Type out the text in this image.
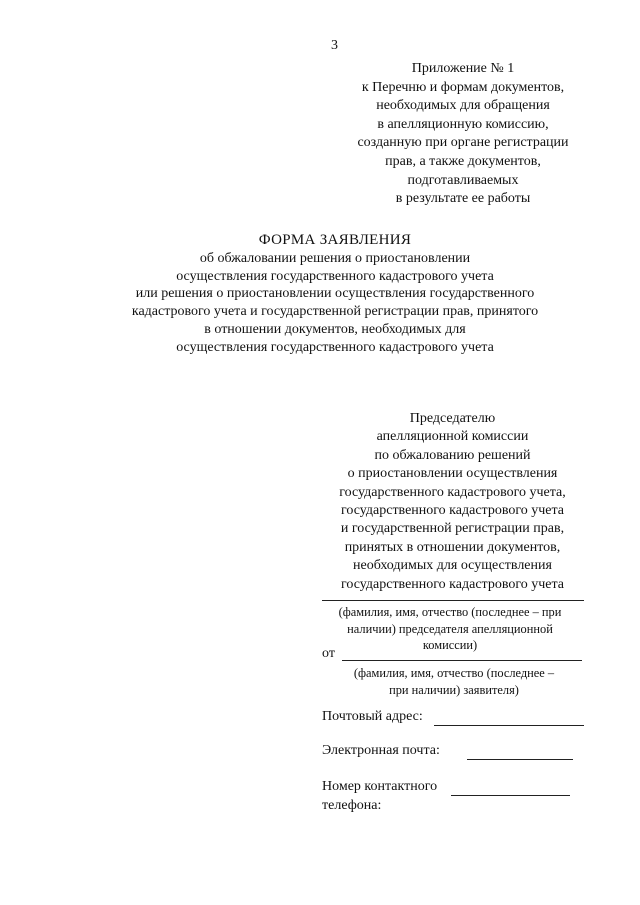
3
Приложение № 1
к Перечню и формам документов,
необходимых для обращения
в апелляционную комиссию,
созданную при органе регистрации
прав, а также документов,
подготавливаемых
в результате ее работы
ФОРМА ЗАЯВЛЕНИЯ
об обжаловании решения о приостановлении
осуществления государственного кадастрового учета
или решения о приостановлении осуществления государственного
кадастрового учета и государственной регистрации прав, принятого
в отношении документов, необходимых для
осуществления государственного кадастрового учета
Председателю
апелляционной комиссии
по обжалованию решений
о приостановлении осуществления
государственного кадастрового учета,
государственного кадастрового учета
и государственной регистрации прав,
принятых в отношении документов,
необходимых для осуществления
государственного кадастрового учета
(фамилия, имя, отчество (последнее – при
наличии) председателя апелляционной
комиссии)
от
(фамилия, имя, отчество (последнее –
при наличии) заявителя)
Почтовый адрес:
Электронная почта:
Номер контактного
телефона:
